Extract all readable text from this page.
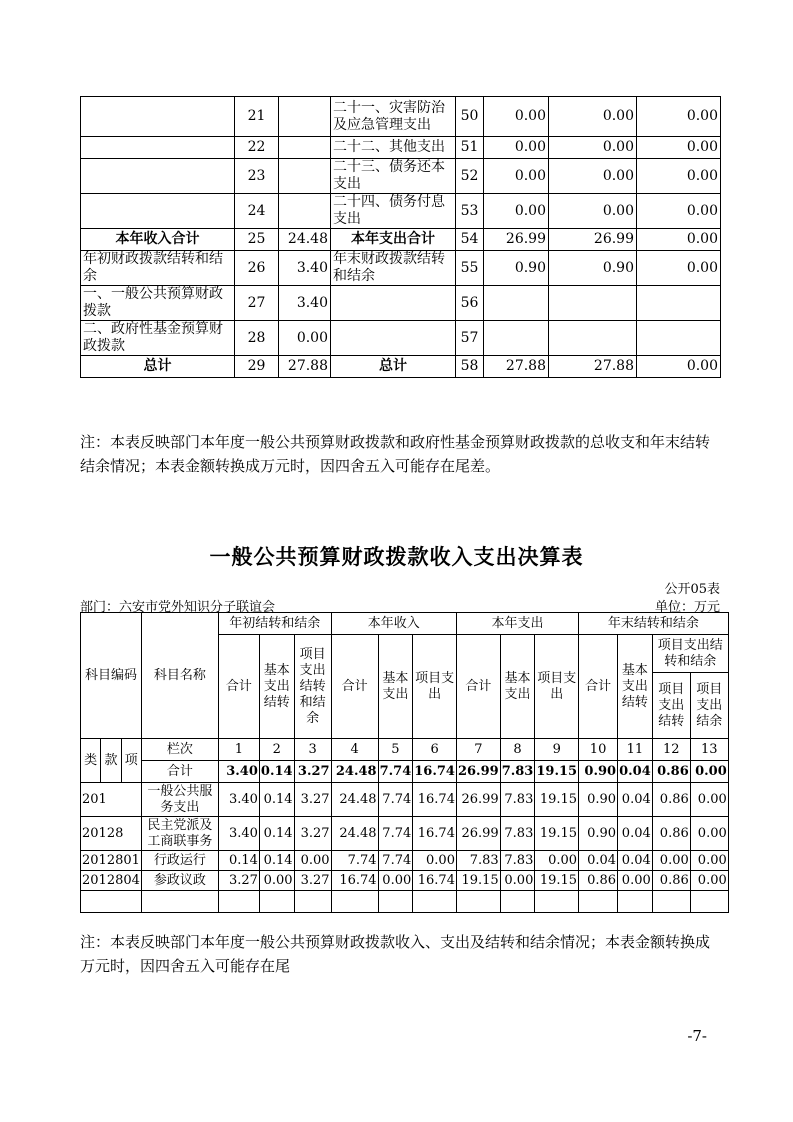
	21		二十一、灾害防治及应急管理支出	50	0.00	0.00	0.00
	22		二十二、其他支出	51	0.00	0.00	0.00
	23		二十三、债务还本支出	52	0.00	0.00	0.00
	24		二十四、债务付息支出	53	0.00	0.00	0.00
本年收入合计	25	24.48	本年支出合计	54	26.99	26.99	0.00
年初财政拨款结转和结余	26	3.40	年末财政拨款结转和结余	55	0.90	0.90	0.00
一、一般公共预算财政拨款	27	3.40		56			
二、政府性基金预算财政拨款	28	0.00		57			
总计	29	27.88	总计	58	27.88	27.88	0.00
注：本表反映部门本年度一般公共预算财政拨款和政府性基金预算财政拨款的总收支和年末结转结余情况；本表金额转换成万元时，因四舍五入可能存在尾差。
一般公共预算财政拨款收入支出决算表
公开05表
部门：六安市党外知识分子联谊会	单位：万元
科目编码			科目名称	年初结转和结余			本年收入			本年支出			年末结转和结余			
				合计	基本支出结转	项目支出结转和结余	合计	基本支出	项目支出	合计	基本支出	项目支出	合计	基本支出结转	项目支出结转和结余	
															项目支出结转	项目支出结余
类	款	项	栏次	1	2	3	4	5	6	7	8	9	10	11	12	13
			合计	3.40	0.14	3.27	24.48	7.74	16.74	26.99	7.83	19.15	0.90	0.04	0.86	0.00
201			一般公共服务支出	3.40	0.14	3.27	24.48	7.74	16.74	26.99	7.83	19.15	0.90	0.04	0.86	0.00
20128			民主党派及工商联事务	3.40	0.14	3.27	24.48	7.74	16.74	26.99	7.83	19.15	0.90	0.04	0.86	0.00
2012801			行政运行	0.14	0.14	0.00	7.74	7.74	0.00	7.83	7.83	0.00	0.04	0.04	0.00	0.00
2012804			参政议政	3.27	0.00	3.27	16.74	0.00	16.74	19.15	0.00	19.15	0.86	0.00	0.86	0.00

注：本表反映部门本年度一般公共预算财政拨款收入、支出及结转和结余情况；本表金额转换成万元时，因四舍五入可能存在尾
-7-
